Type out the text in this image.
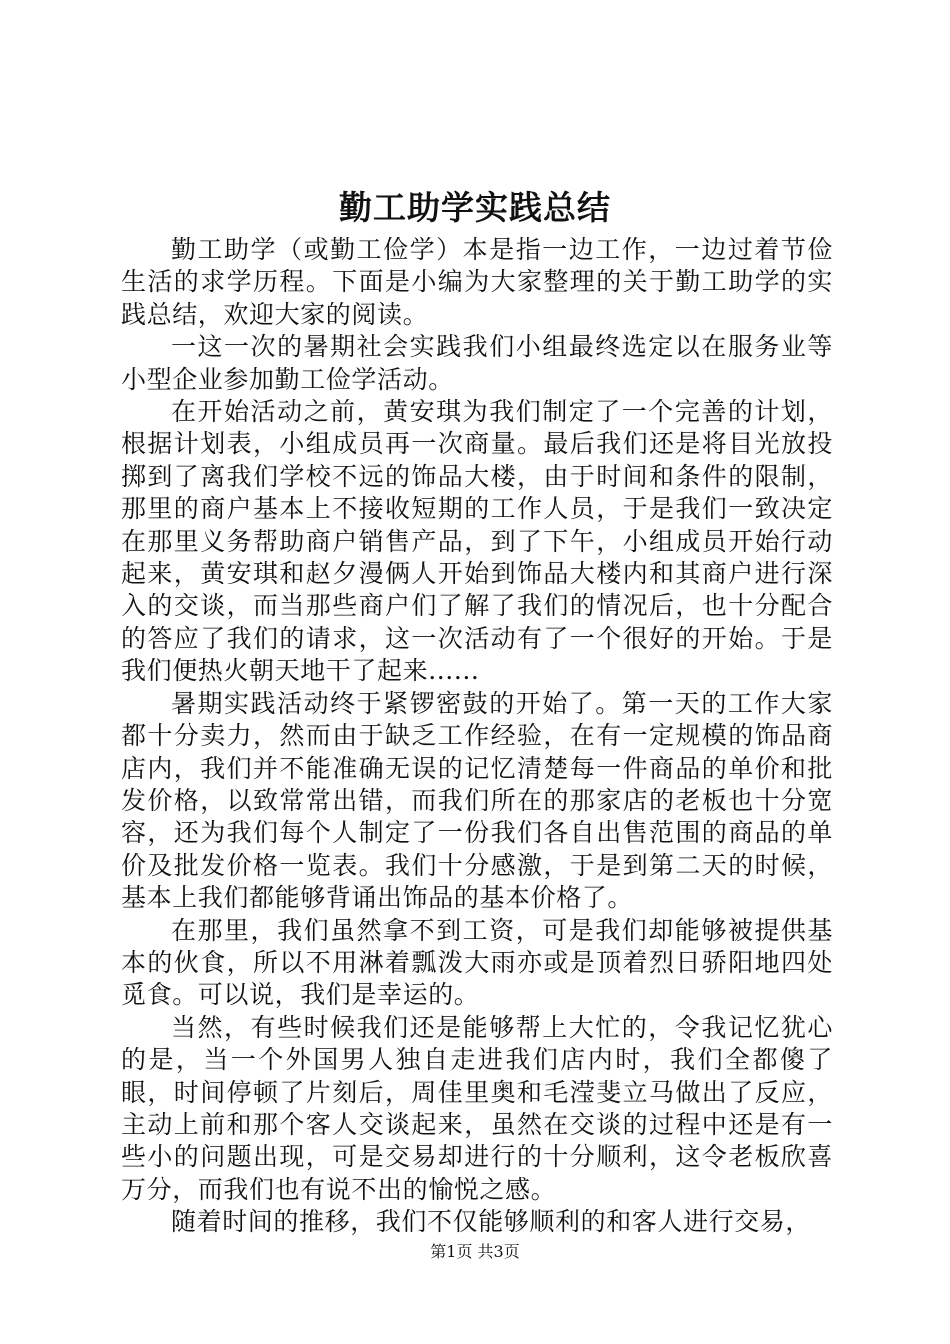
勤工助学实践总结

勤工助学（或勤工俭学）本是指一边工作，一边过着节俭生活的求学历程。下面是小编为大家整理的关于勤工助学的实践总结，欢迎大家的阅读。

一这一次的暑期社会实践我们小组最终选定以在服务业等小型企业参加勤工俭学活动。

在开始活动之前，黄安琪为我们制定了一个完善的计划，根据计划表，小组成员再一次商量。最后我们还是将目光放投掷到了离我们学校不远的饰品大楼，由于时间和条件的限制，那里的商户基本上不接收短期的工作人员，于是我们一致决定在那里义务帮助商户销售产品，到了下午，小组成员开始行动起来，黄安琪和赵夕漫俩人开始到饰品大楼内和其商户进行深入的交谈，而当那些商户们了解了我们的情况后，也十分配合的答应了我们的请求，这一次活动有了一个很好的开始。于是我们便热火朝天地干了起来......

暑期实践活动终于紧锣密鼓的开始了。第一天的工作大家都十分卖力，然而由于缺乏工作经验，在有一定规模的饰品商店内，我们并不能准确无误的记忆清楚每一件商品的单价和批发价格，以致常常出错，而我们所在的那家店的老板也十分宽容，还为我们每个人制定了一份我们各自出售范围的商品的单价及批发价格一览表。我们十分感激，于是到第二天的时候，基本上我们都能够背诵出饰品的基本价格了。

在那里，我们虽然拿不到工资，可是我们却能够被提供基本的伙食，所以不用淋着瓢泼大雨亦或是顶着烈日骄阳地四处觅食。可以说，我们是幸运的。

当然，有些时候我们还是能够帮上大忙的，令我记忆犹心的是，当一个外国男人独自走进我们店内时，我们全都傻了眼，时间停顿了片刻后，周佳里奥和毛滢斐立马做出了反应，主动上前和那个客人交谈起来，虽然在交谈的过程中还是有一些小的问题出现，可是交易却进行的十分顺利，这令老板欣喜万分，而我们也有说不出的愉悦之感。

随着时间的推移，我们不仅能够顺利的和客人进行交易，

第1页 共3页
